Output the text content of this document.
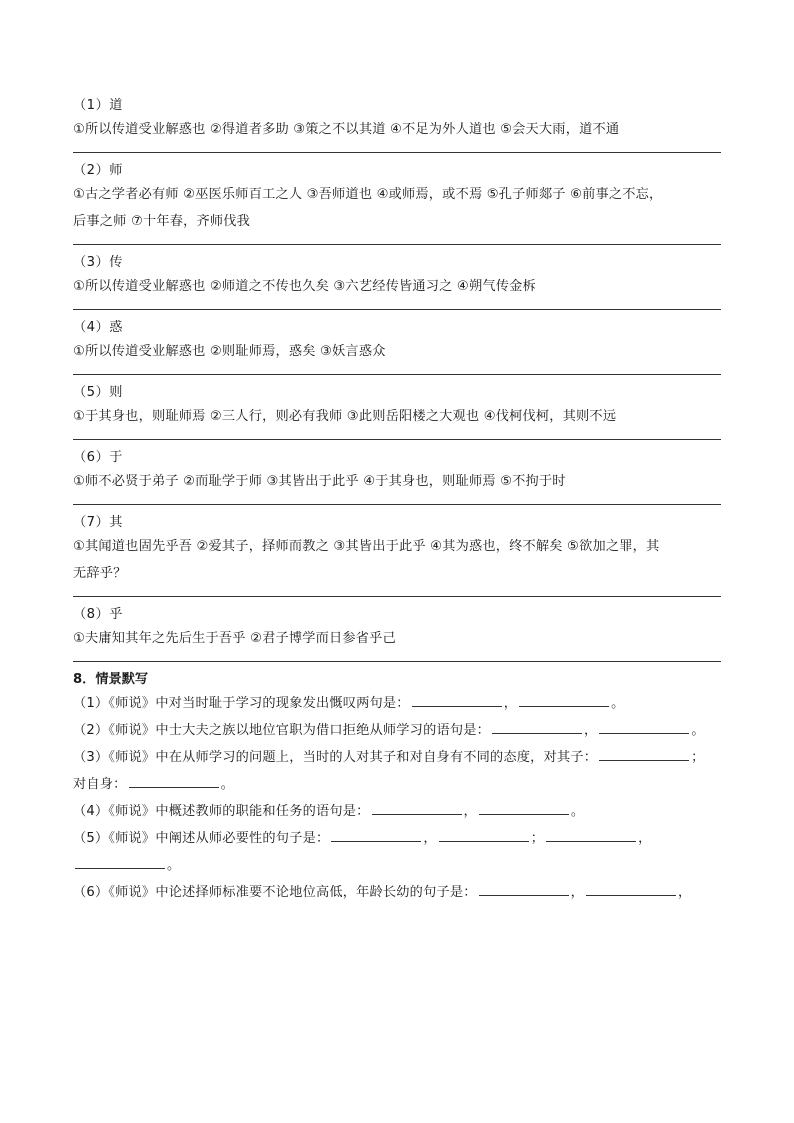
（1）道
①所以传道受业解惑也 ②得道者多助 ③策之不以其道 ④不足为外人道也 ⑤会天大雨，道不通
（2）师
①古之学者必有师 ②巫医乐师百工之人 ③吾师道也 ④或师焉，或不焉 ⑤孔子师郯子 ⑥前事之不忘，
后事之师 ⑦十年春，齐师伐我
（3）传
①所以传道受业解惑也 ②师道之不传也久矣 ③六艺经传皆通习之 ④朔气传金柝
（4）惑
①所以传道受业解惑也 ②则耻师焉，惑矣 ③妖言惑众
（5）则
①于其身也，则耻师焉 ②三人行，则必有我师 ③此则岳阳楼之大观也 ④伐柯伐柯，其则不远
（6）于
①师不必贤于弟子 ②而耻学于师 ③其皆出于此乎 ④于其身也，则耻师焉 ⑤不拘于时
（7）其
①其闻道也固先乎吾 ②爱其子，择师而教之 ③其皆出于此乎 ④其为惑也，终不解矣 ⑤欲加之罪，其
无辞乎？
（8）乎
①夫庸知其年之先后生于吾乎 ②君子博学而日参省乎己
8．情景默写
（1）《师说》中对当时耻于学习的现象发出慨叹两句是：	，	。
（2）《师说》中士大夫之族以地位官职为借口拒绝从师学习的语句是：	，	。
（3）《师说》中在从师学习的问题上，当时的人对其子和对自身有不同的态度，对其子：	；
对自身：	。
（4）《师说》中概述教师的职能和任务的语句是：	，	。
（5）《师说》中阐述从师必要性的句子是：	，	；	，
。
（6）《师说》中论述择师标准要不论地位高低，年龄长幼的句子是：	，	，
